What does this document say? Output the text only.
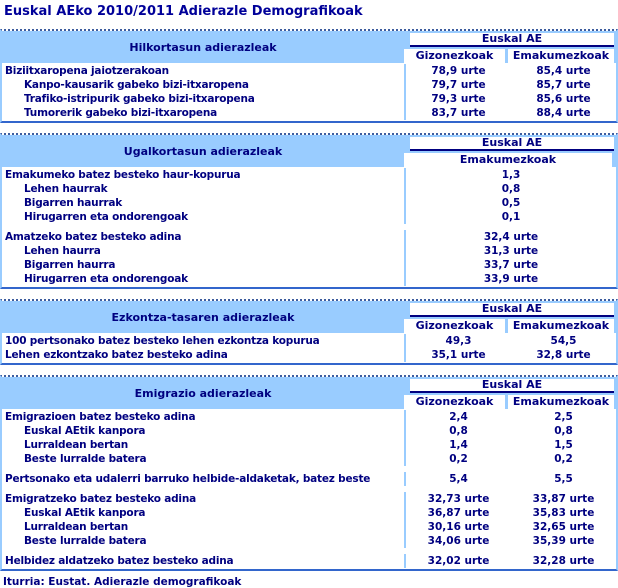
Euskal AEko 2010/2011 Adierazle Demografikoak
Hilkortasun adierazleak
Euskal AE
Gizonezkoak	Emakumezkoak
Biziitxaropena jaiotzerakoan	78,9 urte	85,4 urte
Kanpo-kausarik gabeko bizi-itxaropena	79,7 urte	85,7 urte
Trafiko-istripurik gabeko bizi-itxaropena	79,3 urte	85,6 urte
Tumorerik gabeko bizi-itxaropena	83,7 urte	88,4 urte
Ugalkortasun adierazleak
Euskal AE
Emakumezkoak
Emakumeko batez besteko haur-kopurua	1,3
Lehen haurrak	0,8
Bigarren haurrak	0,5
Hirugarren eta ondorengoak	0,1
Amatzeko batez besteko adina	32,4 urte
Lehen haurra	31,3 urte
Bigarren haurra	33,7 urte
Hirugarren eta ondorengoak	33,9 urte
Ezkontza-tasaren adierazleak
Euskal AE
Gizonezkoak	Emakumezkoak
100 pertsonako batez besteko lehen ezkontza kopurua	49,3	54,5
Lehen ezkontzako batez besteko adina	35,1 urte	32,8 urte
Emigrazio adierazleak
Euskal AE
Gizonezkoak	Emakumezkoak
Emigrazioen batez besteko adina	2,4	2,5
Euskal AEtik kanpora	0,8	0,8
Lurraldean bertan	1,4	1,5
Beste lurralde batera	0,2	0,2
Pertsonako eta udalerri barruko helbide-aldaketak, batez beste	5,4	5,5
Emigratzeko batez besteko adina	32,73 urte	33,87 urte
Euskal AEtik kanpora	36,87 urte	35,83 urte
Lurraldean bertan	30,16 urte	32,65 urte
Beste lurralde batera	34,06 urte	35,39 urte
Helbidez aldatzeko batez besteko adina	32,02 urte	32,28 urte
Iturria: Eustat. Adierazle demografikoak
